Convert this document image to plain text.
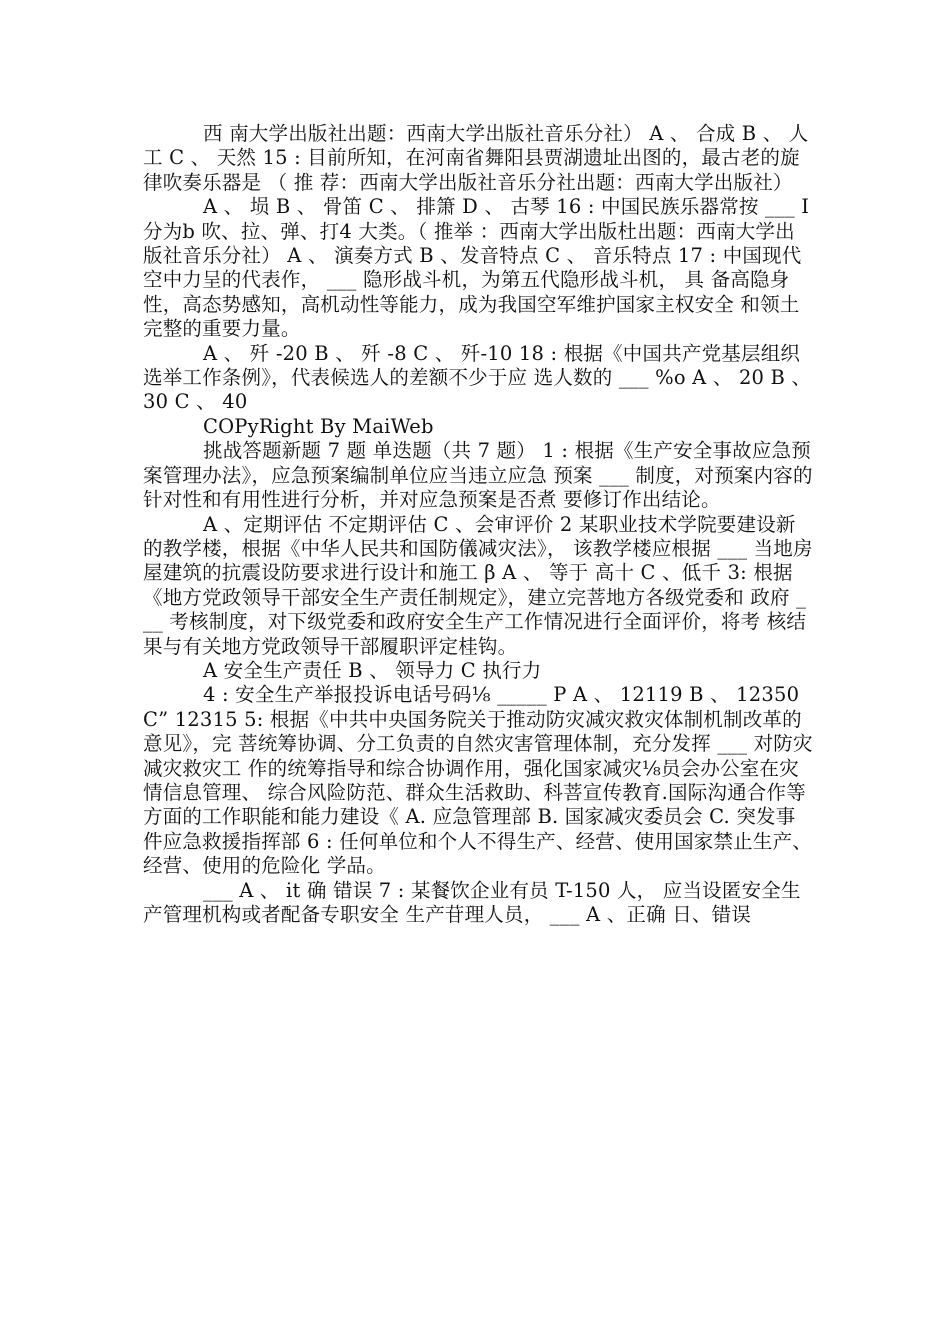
西 南大学出版社出题：西南大学出版社音乐分社） A 、 合成 B 、 人工 C 、 天然 15 : 目前所知，在河南省舞阳县贾湖遗址出图的，最古老的旋律吹奏乐器是 （ 推 荐：西南大学出版社音乐分社出题：西南大学出版社）

A 、 埙 B 、 骨笛 C 、 排箫 D 、 古琴 16 : 中国民族乐器常按 ___ I 分为b 吹、拉、弹、打4 大类。（ 推举 ：西南大学出版杜出题：西南大学出版社音乐分社） A 、 演奏方式 B 、发音特点 C 、 音乐特点 17 : 中国现代空中力呈的代表作， ___ 隐形战斗机，为第五代隐形战斗机， 具 备高隐身性，高态势感知，高机动性等能力，成为我国空军维护国家主权安全 和领土完整的重要力量。

A 、 歼 -20 B 、 歼 -8 C 、 歼-10 18 : 根据《中国共产党基层组织选举工作条例》，代表候选人的差额不少于应 选人数的 ___ %o A 、 20 B 、 30 C 、 40

COPyRight By MaiWeb

挑战答题新题 7 题 单迭题（共 7 题） 1 : 根据《生产安全事故应急预案管理办法》，应急预案编制单位应当违立应急 预案 ___ 制度，对预案内容的针对性和有用性进行分析，并对应急预案是否煮 要修订作出结论。

A 、定期评估 不定期评估 C 、会审评价 2 某职业技术学院要建设新的教学楼，根据《中华人民共和国防儀减灾法》， 该教学楼应根据 ___ 当地房屋建筑的抗震设防要求进行设计和施工 β A 、 等于 高十 C 、低千 3: 根据《地方党政领导干部安全生产责任制规定》，建立完菩地方各级党委和 政府 ___ 考核制度，对下级党委和政府安全生产工作情况进行全面评价，将考 核结果与有关地方党政领导干部履职评定桂钩。

A 安全生产责任 B 、 领导力 C 执行力

4 : 安全生产举报投诉电话号码⅛ _____ P A 、 12119 B 、 12350 C” 12315 5: 根据《中共中央国务院关于推动防灾减灾救灾体制机制改革的意见》，完 菩统筹协调、分工负责的自然灾害管理体制，充分发挥 ___ 对防灾减灾救灾工 作的统筹指导和综合协调作用，强化国家减灾⅛员会办公室在灾情信息管理、 综合风险防范、群众生活救助、科菩宣传教育.国际沟通合作等方面的工作职能和能力建设《 A. 应急管理部 B. 国家减灾委员会 C. 突发事件应急救援指挥部 6 : 任何单位和个人不得生产、经营、使用国家禁止生产、经营、使用的危险化 学品。

___ A 、 it 确 错误 7 : 某餐饮企业有员 T-150 人， 应当设匿安全生产管理机构或者配备专职安全 生产苷理人员， ___ A 、正确 日、错误
